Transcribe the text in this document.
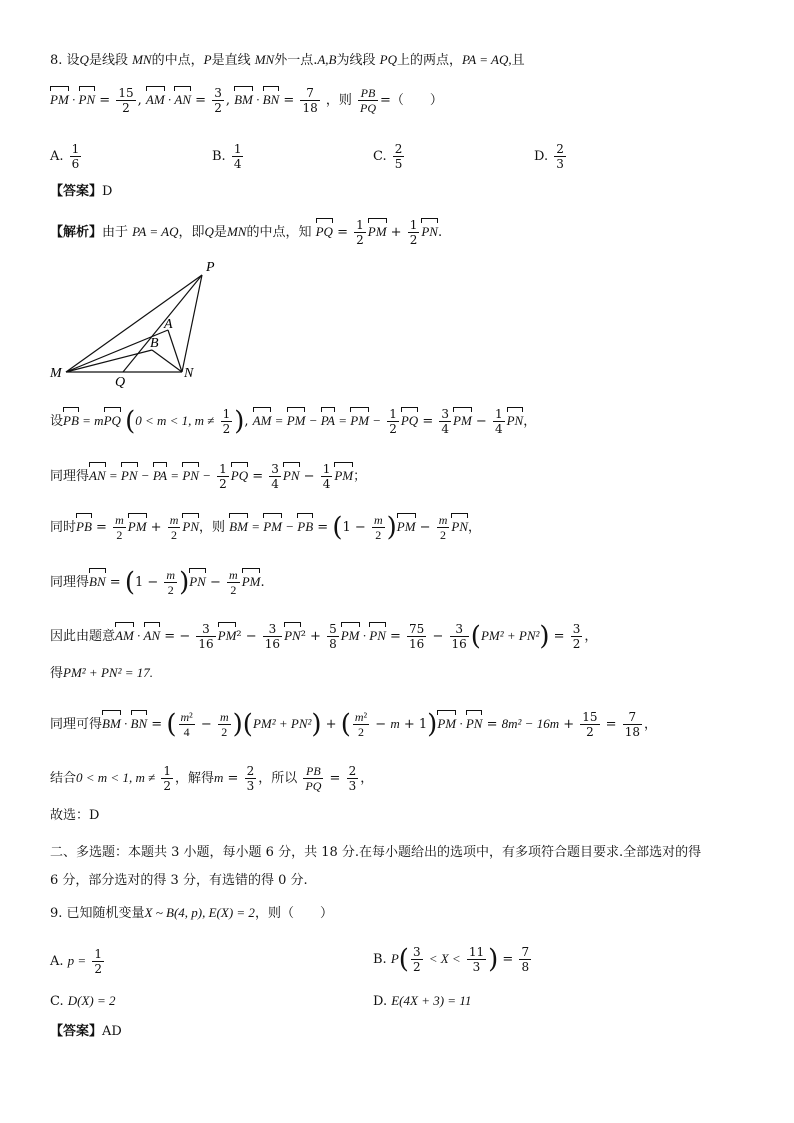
8. 设Q是线段 MN的中点，P是直线 MN外一点.A,B为线段 PQ上的两点，PA = AQ,且
PM · PN = $\frac{15}{2}$ , AM · AN = $\frac{3}{2}$ , BM · BN = $\frac{7}{18}$ ，则 $\frac{PB}{PQ}$ =（　　）
A. $\frac{1}{6}$	B. $\frac{1}{4}$	C. $\frac{2}{5}$	D. $\frac{2}{3}$
【答案】D
【解析】由于 PA = AQ，即Q是MN的中点，知 PQ = $\frac{1}{2}$ PM + $\frac{1}{2}$ PN.
P
A
B
M
Q
N
设PB = mPQ (0 < m < 1, $m \ne \frac{1}{2}$ ), AM = PM − PA = PM − $\frac{1}{2}$ PQ = $\frac{3}{4}$ PM − $\frac{1}{4}$ PN，
同理得AN = PN − PA = PN − $\frac{1}{2}$ PQ = $\frac{3}{4}$ PN − $\frac{1}{4}$ PM；
同时PB = $\frac{m}{2}$ PM + $\frac{m}{2}$ PN，则 BM = PM − PB = $(1 - \frac{m}{2} )PM - \frac{m}{2}$ PN，
同理得BN = $(1 - \frac{m}{2} )PN - \frac{m}{2}$ PM.
因此由题意AM · AN = − $\frac{3}{16} PM^2 - \frac{3}{16} PN^2 + \frac{5}{8}$ PM · PN = $\frac{75}{16} - \frac{3}{16} (PM^2 + PN^2) = \frac{3}{2}$ ，
得PM² + PN² = 17.
同理可得BM · BN = ( $\frac{\text{m²}}{4} - \frac{m}{2} )(PM^2 + PN^2)$ + ( $\frac{\text{m²}}{2} - m + 1)PM$ · PN = $8m^2 - 16m + \frac{15}{2} = \frac{7}{18}$ ，
结合0 < m < 1, $m \ne \frac{1}{2}$ ，解得$m = \frac{2}{3}$ ，所以 $\frac{PB}{PQ} = \frac{2}{3}$ ，
故选：D
二、多选题：本题共 3 小题，每小题 6 分，共 18 分.在每小题给出的选项中，有多项符合题目要求.全部选对的得
6 分，部分选对的得 3 分，有选错的得 0 分.
9. 已知随机变量X ~ B(4, p), E(X) = 2，则（　　）
A. $p = \frac{1}{2}$	B. $P( \frac{3}{2} < X < \frac{11}{3}$ ) = $\frac{7}{8}$
C. D(X) = 2	D. E(4X + 3) = 11
【答案】AD
